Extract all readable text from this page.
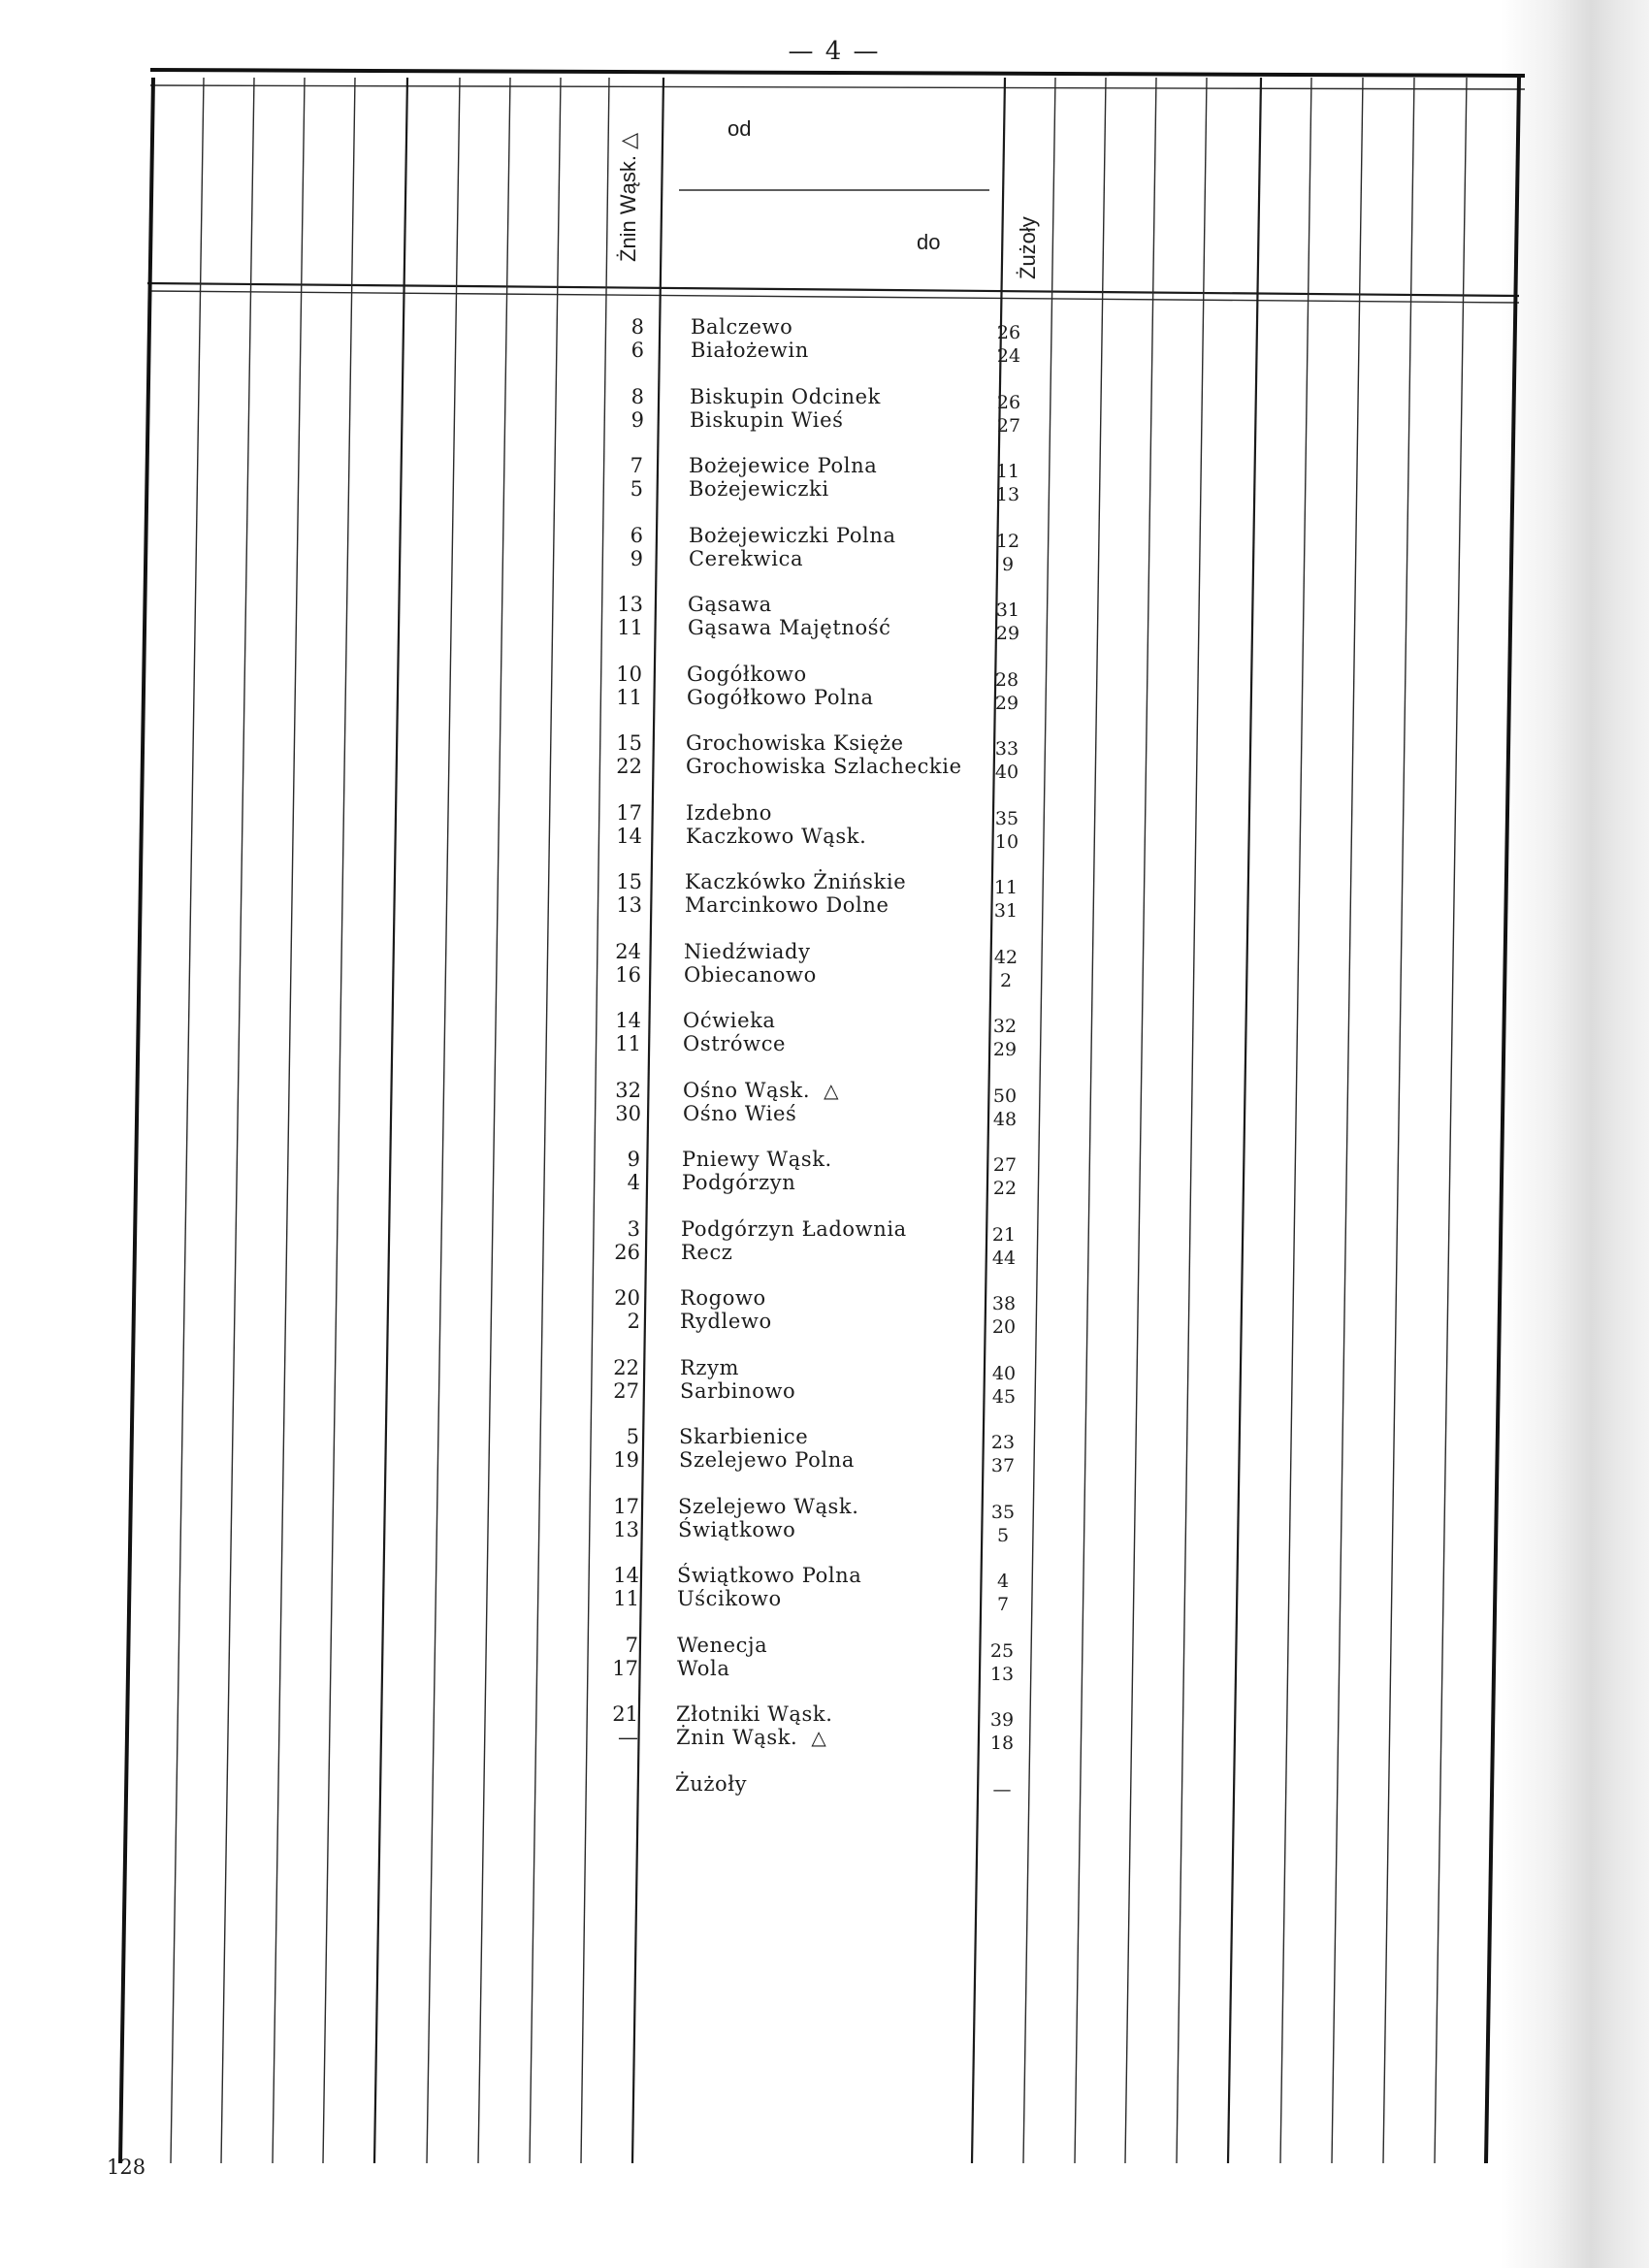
— 4 —
Żnin Wąsk. △
od
do	Żużoły
8 Balczewo	26
6 Białożewin	24
8 Biskupin Odcinek	26
9 Biskupin Wieś	27
7 Bożejewice Polna	11
5 Bożejewiczki	13
6 Bożejewiczki Polna	12
9 Cerekwica	9
13 Gąsawa	31
11 Gąsawa Majętność	29
10 Gogółkowo	28
11 Gogółkowo Polna	29
15 Grochowiska Księże	33
22 Grochowiska Szlacheckie	40
17 Izdebno	35
14 Kaczkowo Wąsk.	10
15 Kaczkówko Żnińskie	11
13 Marcinkowo Dolne	31
24 Niedźwiady	42
16 Obiecanowo	2
14 Oćwieka	32
11 Ostrówce	29
32 Ośno Wąsk. △	50
30 Ośno Wieś	48
9 Pniewy Wąsk.	27
4 Podgórzyn	22
3 Podgórzyn Ładownia	21
26 Recz	44
20 Rogowo	38
2 Rydlewo	20
22 Rzym	40
27 Sarbinowo	45
5 Skarbienice	23
19 Szelejewo Polna	37
17 Szelejewo Wąsk.	35
13 Świątkowo	5
14 Świątkowo Polna	4
11 Uścikowo	7
7 Wenecja	25
17 Wola	13
21 Złotniki Wąsk.	39
— Żnin Wąsk. △	18
Żużoły	—
128
